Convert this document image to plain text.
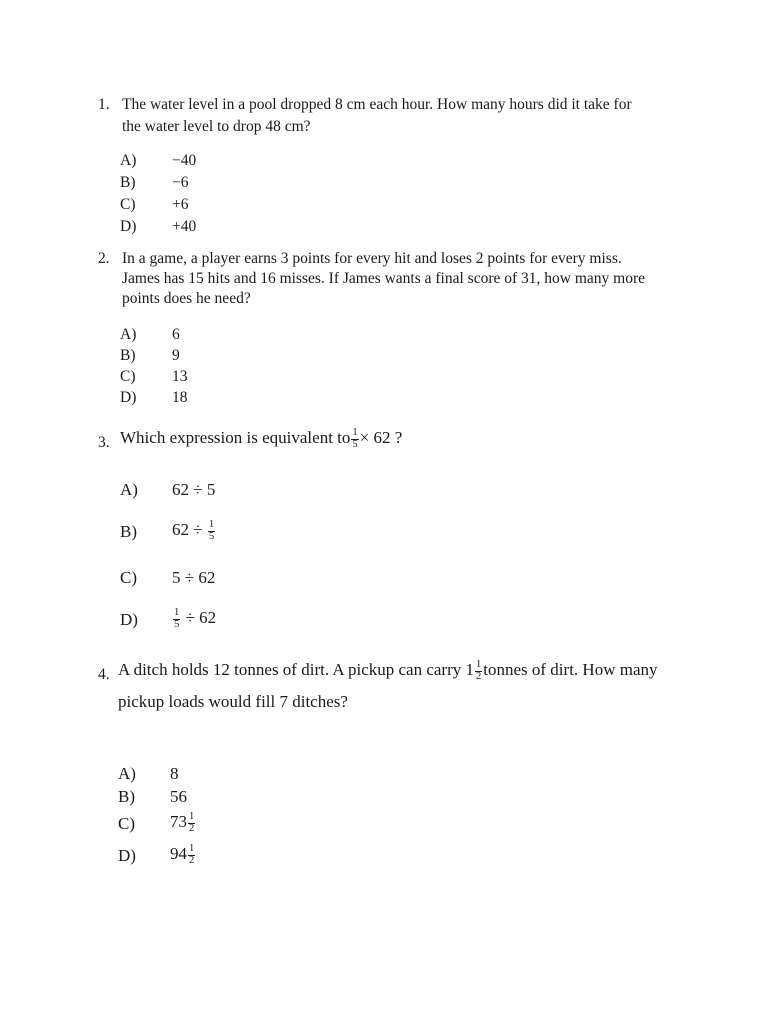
1. The water level in a pool dropped 8 cm each hour. How many hours did it take for
the water level to drop 48 cm?
A) −40
B) −6
C) +6
D) +40
2. In a game, a player earns 3 points for every hit and loses 2 points for every miss.
James has 15 hits and 16 misses. If James wants a final score of 31, how many more
points does he need?
A) 6
B) 9
C) 13
D) 18
3. Which expression is equivalent to $\frac{1}{5} \times 62$ ?
A) 62 ÷ 5
B) $62 \div \frac{1}{5}$
C) 5 ÷ 62
D)	$\frac{1}{5} \div 62$
4. A ditch holds 12 tonnes of dirt. A pickup can carry $1 \frac{1}{2}$ tonnes of dirt. How many
pickup loads would fill 7 ditches?
A) 8
B) 56
C) $73 \frac{1}{2}$
D) $94 \frac{1}{2}$
